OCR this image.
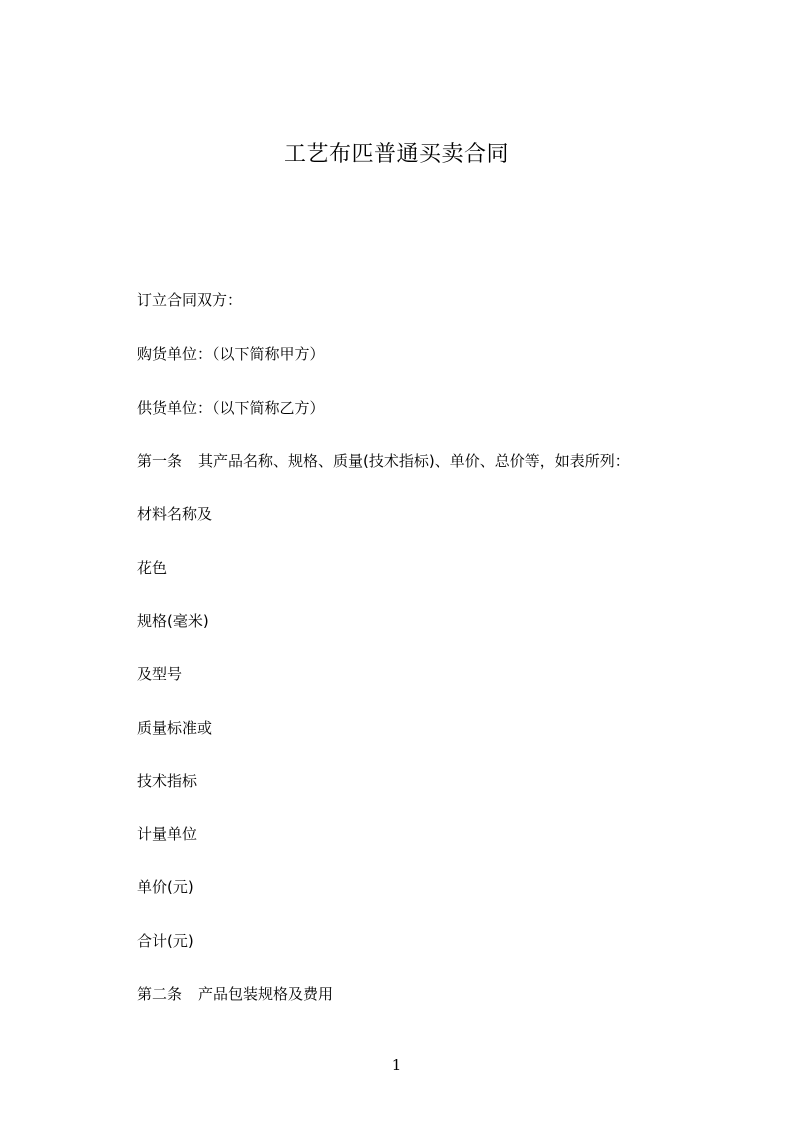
工艺布匹普通买卖合同
订立合同双方：
购货单位：（以下简称甲方）
供货单位：（以下简称乙方）
第一条 其产品名称、规格、质量(技术指标)、单价、总价等，如表所列：
材料名称及
花色
规格(毫米)
及型号
质量标准或
技术指标
计量单位
单价(元)
合计(元)
第二条 产品包装规格及费用
1
